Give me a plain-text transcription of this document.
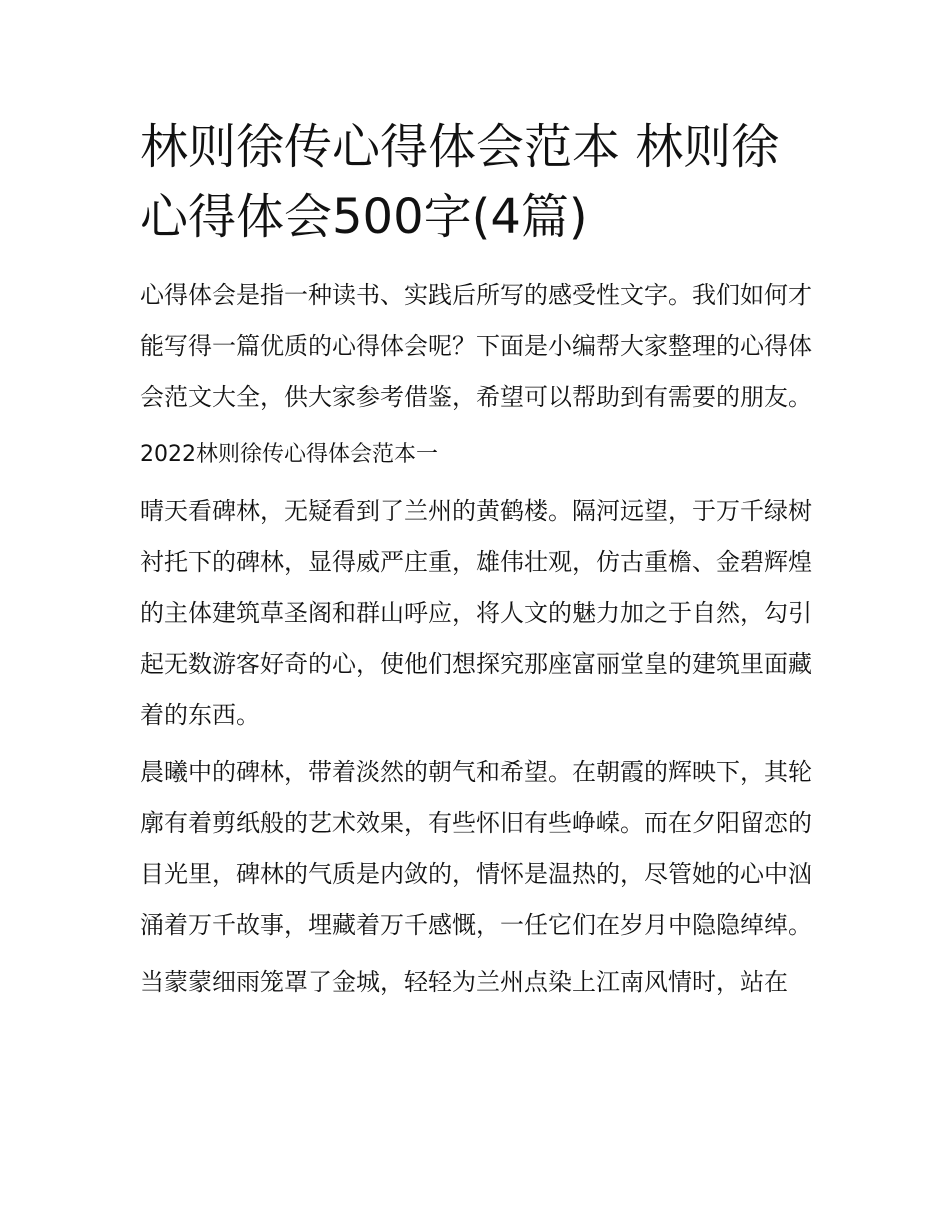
林则徐传心得体会范本 林则徐心得体会500字(4篇)

心得体会是指一种读书、实践后所写的感受性文字。我们如何才能写得一篇优质的心得体会呢？下面是小编帮大家整理的心得体会范文大全，供大家参考借鉴，希望可以帮助到有需要的朋友。

2022林则徐传心得体会范本一

晴天看碑林，无疑看到了兰州的黄鹤楼。隔河远望，于万千绿树衬托下的碑林，显得威严庄重，雄伟壮观，仿古重檐、金碧辉煌的主体建筑草圣阁和群山呼应，将人文的魅力加之于自然，勾引起无数游客好奇的心，使他们想探究那座富丽堂皇的建筑里面藏着的东西。

晨曦中的碑林，带着淡然的朝气和希望。在朝霞的辉映下，其轮廓有着剪纸般的艺术效果，有些怀旧有些峥嵘。而在夕阳留恋的目光里，碑林的气质是内敛的，情怀是温热的，尽管她的心中汹涌着万千故事，埋藏着万千感慨，一任它们在岁月中隐隐绰绰。

当蒙蒙细雨笼罩了金城，轻轻为兰州点染上江南风情时，站在
